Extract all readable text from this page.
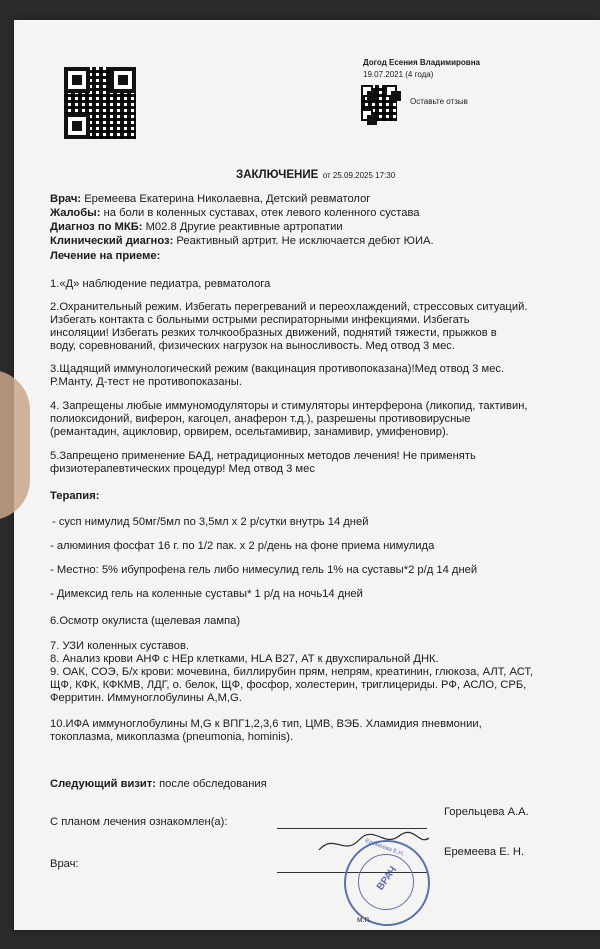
Догод Есения Владимировна
19.07.2021 (4 года)
Оставьте отзыв
ЗАКЛЮЧЕНИЕ от 25.09.2025 17:30
Врач: Еремеева Екатерина Николаевна, Детский ревматолог
Жалобы: на боли в коленных суставах, отек левого коленного сустава
Диагноз по МКБ: M02.8 Другие реактивные артропатии
Клинический диагноз: Реактивный артрит. Не исключается дебют ЮИА.
Лечение на приеме:
1.«Д» наблюдение педиатра, ревматолога
2.Охранительный режим. Избегать перегреваний и переохлаждений, стрессовых ситуаций.
Избегать контакта с больными острыми респираторными инфекциями. Избегать
инсоляции! Избегать резких толчкообразных движений, поднятий тяжести, прыжков в
воду, соревнований, физических нагрузок на выносливость. Мед отвод 3 мес.
3.Щадящий иммунологический режим (вакцинация противопоказана)!Мед отвод 3 мес.
Р.Манту, Д-тест не противопоказаны.
4. Запрещены любые иммуномодуляторы и стимуляторы интерферона (ликопид, тактивин,
полиоксидоний, виферон, кагоцел, анаферон т.д.), разрешены противовирусные
(ремантадин, ацикловир, орвирем, осельтамивир, занамивир, умифеновир).
5.Запрещено применение БАД, нетрадиционных методов лечения! Не применять
физиотерапевтических процедур! Мед отвод 3 мес
Терапия:
- сусп нимулид 50мг/5мл по 3,5мл х 2 р/сутки внутрь 14 дней
- алюминия фосфат 16 г. по 1/2 пак. х 2 р/день на фоне приема нимулида
- Местно: 5% ибупрофена гель либо нимесулид гель 1% на суставы*2 р/д 14 дней
- Димексид гель на коленные суставы* 1 р/д на ночь14 дней
6.Осмотр окулиста (щелевая лампа)
7. УЗИ коленных суставов.
8. Анализ крови АНФ с НЕр клетками, HLA B27, АТ к двухспиральной ДНК.
9. ОАК, СОЭ, Б/х крови: мочевина, биллирубин прям, непрям, креатинин, глюкоза, АЛТ, АСТ,
ЩФ, КФК, КФКМВ, ЛДГ, о. белок, ЩФ, фосфор, холестерин, триглицериды. РФ, АСЛО, СРБ,
Ферритин. Иммуноглобулины A,M,G.
10.ИФА иммуноглобулины M,G к ВПГ1,2,3,6 тип, ЦМВ, ВЭБ. Хламидия пневмонии,
токоплазма, микоплазма (pneumonia, hominis).
Следующий визит: после обследования
С планом лечения ознакомлен(а):
Горельцева А.А.
Врач:
Еремеева Е. Н.
Еремеева Е.Н.
ВРАЧ
м.п.
